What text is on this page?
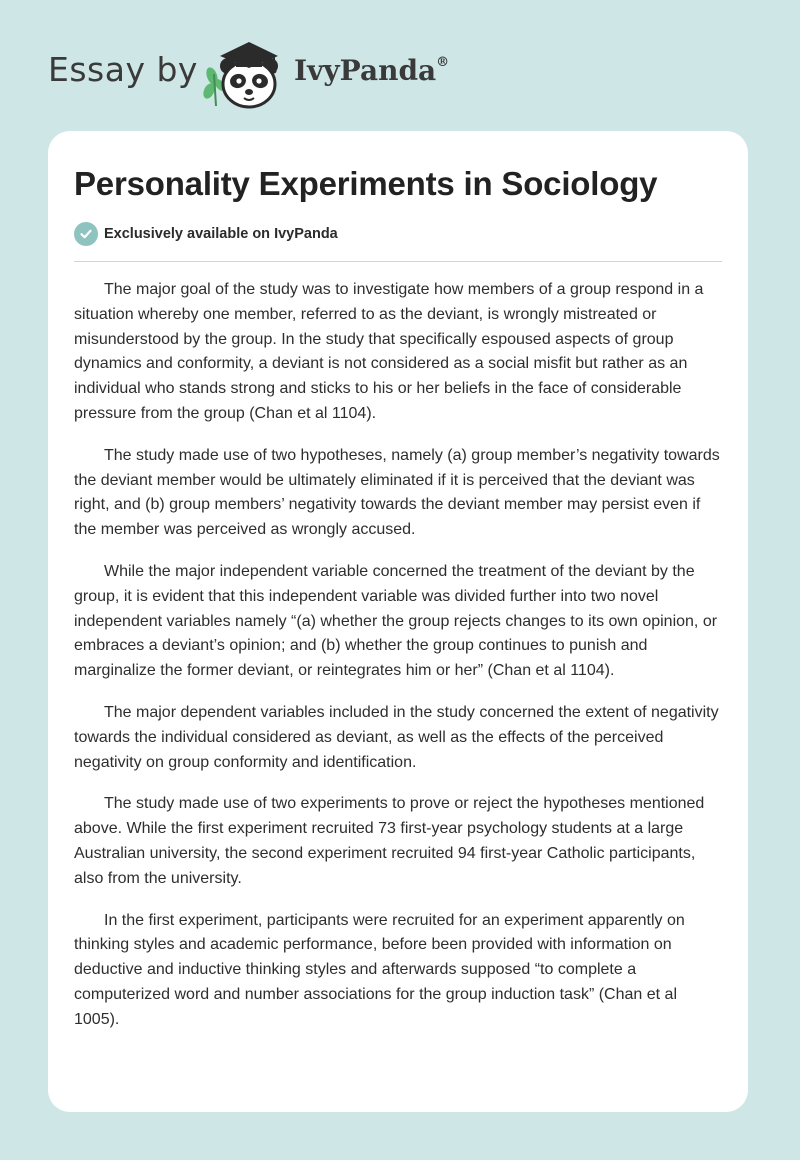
Essay by	IvyPanda®
Personality Experiments in Sociology
Exclusively available on IvyPanda

The major goal of the study was to investigate how members of a group respond in a situation whereby one member, referred to as the deviant, is wrongly mistreated or misunderstood by the group. In the study that specifically espoused aspects of group dynamics and conformity, a deviant is not considered as a social misfit but rather as an individual who stands strong and sticks to his or her beliefs in the face of considerable pressure from the group (Chan et al 1104).

The study made use of two hypotheses, namely (a) group member’s negativity towards the deviant member would be ultimately eliminated if it is perceived that the deviant was right, and (b) group members’ negativity towards the deviant member may persist even if the member was perceived as wrongly accused.

While the major independent variable concerned the treatment of the deviant by the group, it is evident that this independent variable was divided further into two novel independent variables namely “(a) whether the group rejects changes to its own opinion, or embraces a deviant’s opinion; and (b) whether the group continues to punish and marginalize the former deviant, or reintegrates him or her” (Chan et al 1104).

The major dependent variables included in the study concerned the extent of negativity towards the individual considered as deviant, as well as the effects of the perceived negativity on group conformity and identification.

The study made use of two experiments to prove or reject the hypotheses mentioned above. While the first experiment recruited 73 first-year psychology students at a large Australian university, the second experiment recruited 94 first-year Catholic participants, also from the university.

In the first experiment, participants were recruited for an experiment apparently on thinking styles and academic performance, before been provided with information on deductive and inductive thinking styles and afterwards supposed “to complete a computerized word and number associations for the group induction task” (Chan et al 1005).
